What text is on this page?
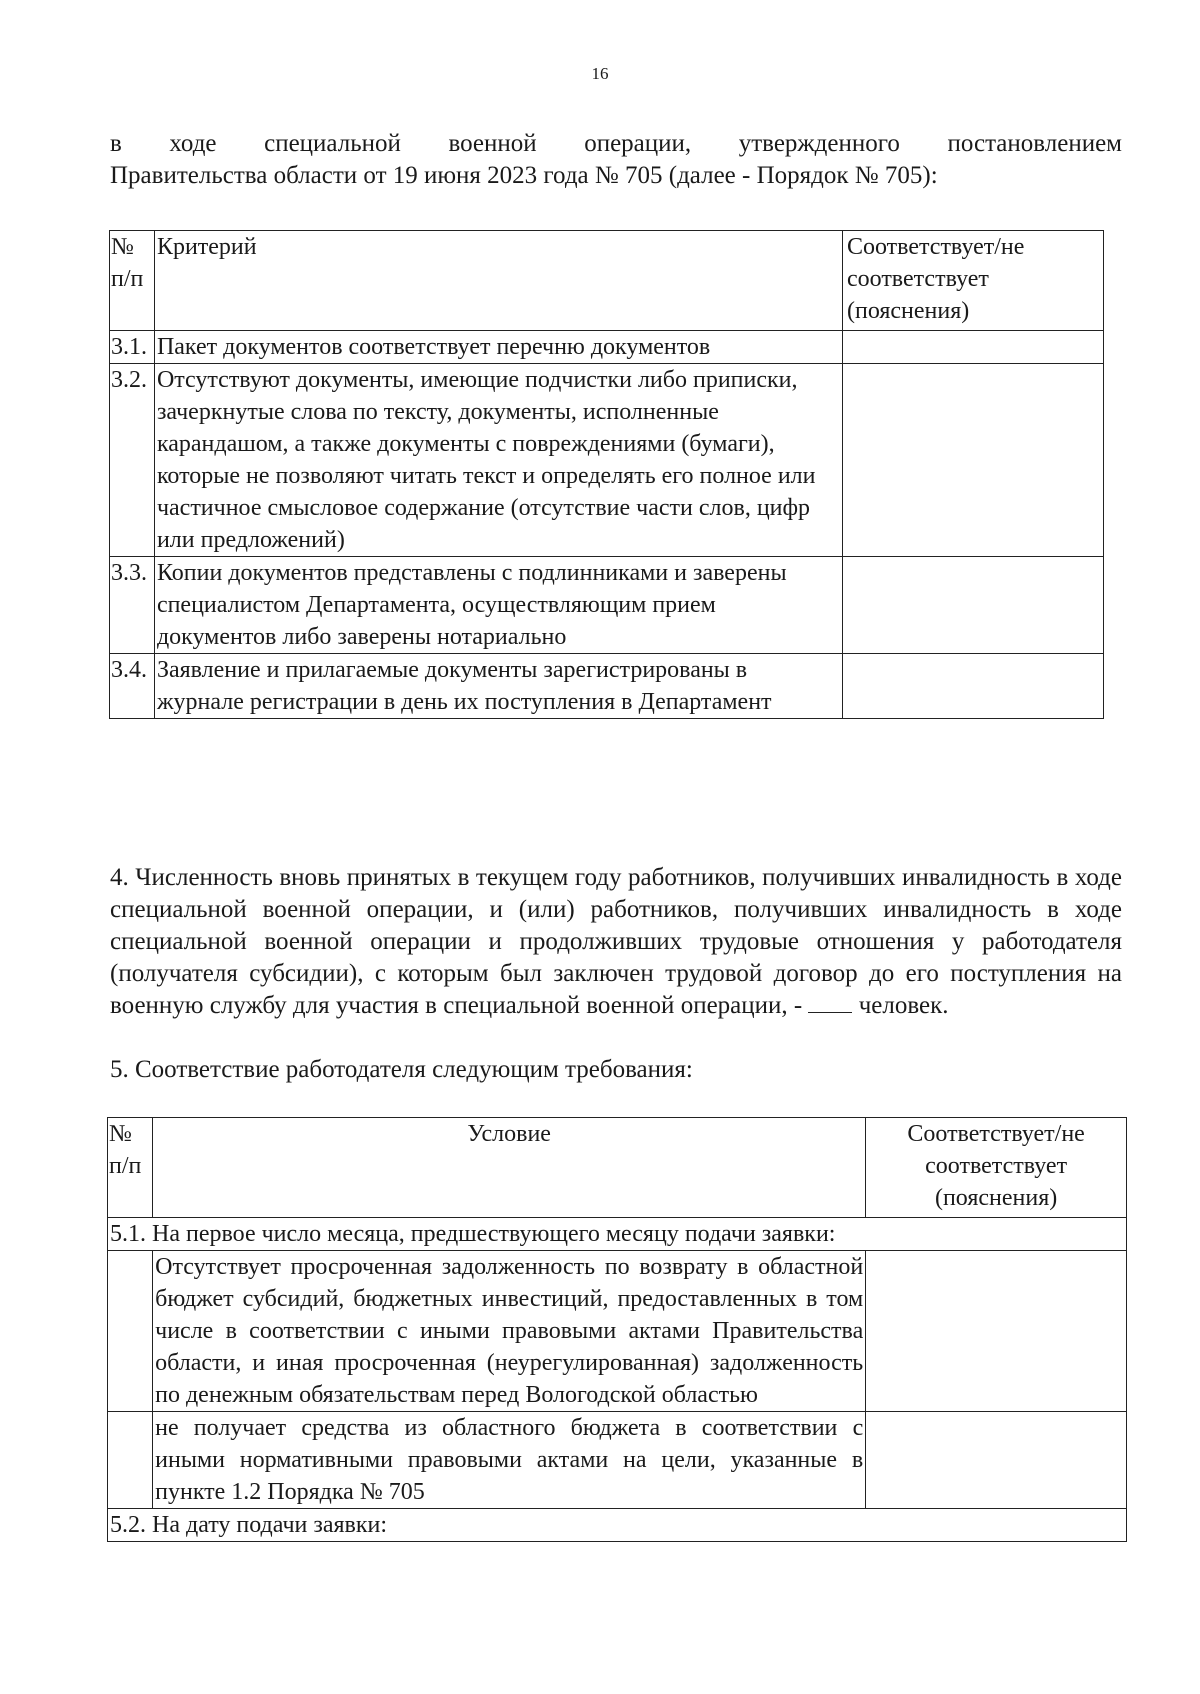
16
в ходе специальной военной операции, утвержденного постановлением
Правительства области от 19 июня 2023 года № 705 (далее - Порядок № 705):
№ п/п	Критерий	Соответствует/не соответствует (пояснения)
3.1.	Пакет документов соответствует перечню документов	
3.2.	Отсутствуют документы, имеющие подчистки либо приписки, зачеркнутые слова по тексту, документы, исполненные карандашом, а также документы с повреждениями (бумаги), которые не позволяют читать текст и определять его полное или частичное смысловое содержание (отсутствие части слов, цифр или предложений)	
3.3.	Копии документов представлены с подлинниками и заверены специалистом Департамента, осуществляющим прием документов либо заверены нотариально	
3.4.	Заявление и прилагаемые документы зарегистрированы в журнале регистрации в день их поступления в Департамент	
4. Численность вновь принятых в текущем году работников, получивших инвалидность в ходе специальной военной операции, и (или) работников, получивших инвалидность в ходе специальной военной операции и продолживших трудовые отношения у работодателя (получателя субсидии), с которым был заключен трудовой договор до его поступления на военную службу для участия в специальной военной операции, - человек.
5. Соответствие работодателя следующим требования:
№ п/п	Условие	Соответствует/не соответствует (пояснения)
5.1. На первое число месяца, предшествующего месяцу подачи заявки:		
	Отсутствует просроченная задолженность по возврату в областной бюджет субсидий, бюджетных инвестиций, предоставленных в том числе в соответствии с иными правовыми актами Правительства области, и иная просроченная (неурегулированная) задолженность по денежным обязательствам перед Вологодской областью	
	не получает средства из областного бюджета в соответствии с иными нормативными правовыми актами на цели, указанные в пункте 1.2 Порядка № 705	
5.2. На дату подачи заявки:		
